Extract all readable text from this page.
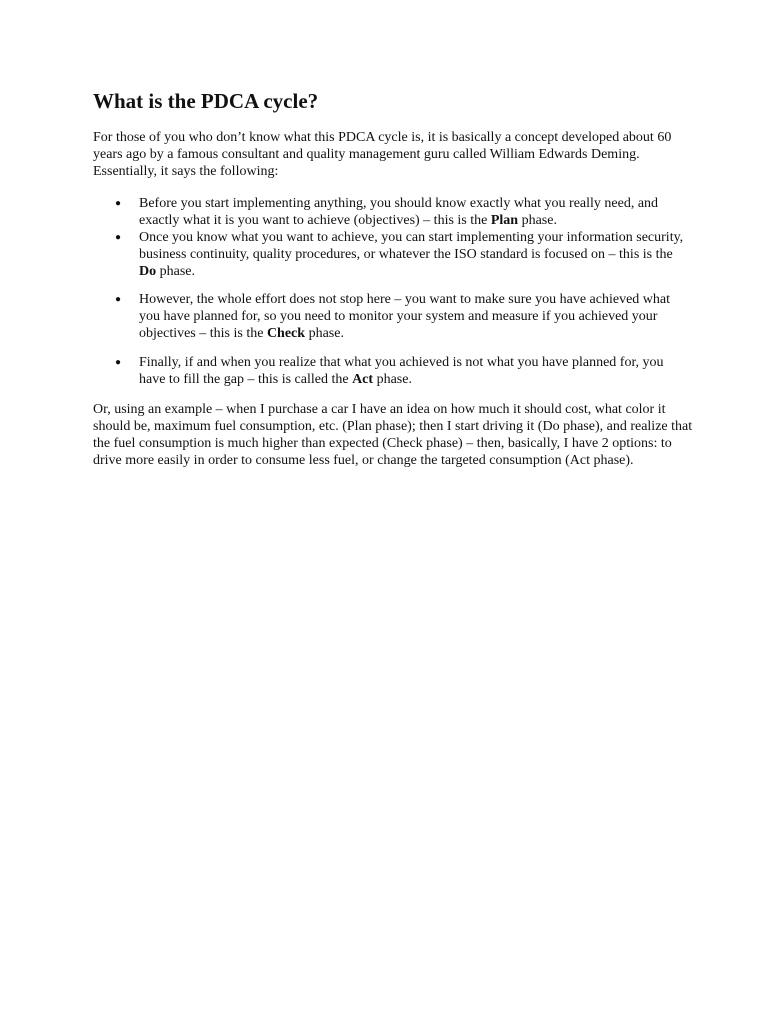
What is the PDCA cycle?

For those of you who don’t know what this PDCA cycle is, it is basically a concept developed about 60 years ago by a famous consultant and quality management guru called William Edwards Deming. Essentially, it says the following:

● Before you start implementing anything, you should know exactly what you really need, and exactly what it is you want to achieve (objectives) – this is the Plan phase.
● Once you know what you want to achieve, you can start implementing your information security, business continuity, quality procedures, or whatever the ISO standard is focused on – this is the Do phase.
● However, the whole effort does not stop here – you want to make sure you have achieved what you have planned for, so you need to monitor your system and measure if you achieved your objectives – this is the Check phase.
● Finally, if and when you realize that what you achieved is not what you have planned for, you have to fill the gap – this is called the Act phase.

Or, using an example – when I purchase a car I have an idea on how much it should cost, what color it should be, maximum fuel consumption, etc. (Plan phase); then I start driving it (Do phase), and realize that the fuel consumption is much higher than expected (Check phase) – then, basically, I have 2 options: to drive more easily in order to consume less fuel, or change the targeted consumption (Act phase).
